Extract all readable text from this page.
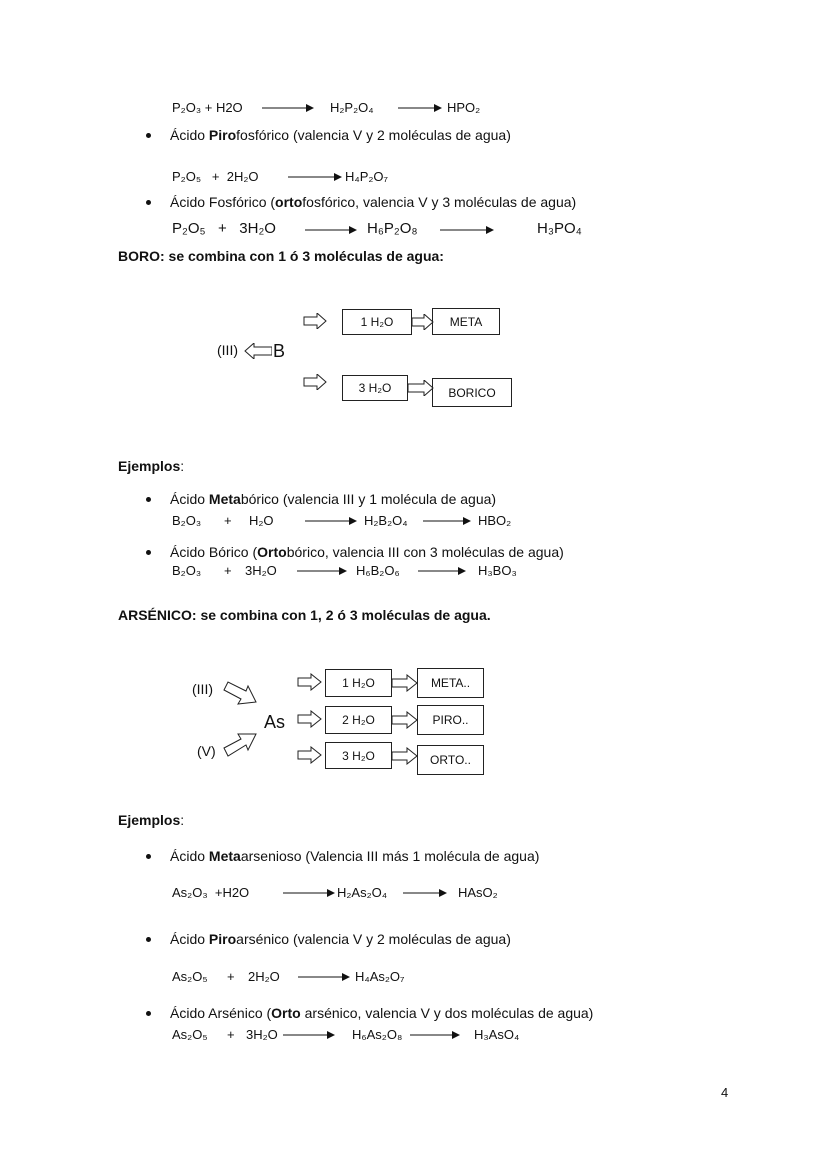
P₂O₃ + H2O → H₂P₂O₄ → HPO₂
Ácido Pirofosfórico (valencia V y 2 moléculas de agua)
P₂O₅   +  2H₂O → H₄P₂O₇
Ácido Fosfórico (ortofosfórico, valencia V y 3 moléculas de agua)
P₂O₅   +   3H₂O → H₆P₂O₈	H₃PO₄
BORO: se combina con 1 ó 3 moléculas de agua:
(III) B
1 H₂O	META
3 H₂O	BORICO
Ejemplos:
Ácido Metabórico (valencia III y 1 molécula de agua)
B₂O₃ + H₂O → H₂B₂O₄ → HBO₂
Ácido Bórico (Ortobórico, valencia III con 3 moléculas de agua)
B₂O₃ + 3H₂O → H₆B₂O₆ → H₃BO₃
ARSÉNICO: se combina con 1, 2 ó 3 moléculas de agua.
(III)
(V)
As
1 H₂O
2 H₂O
3 H₂O
META..
PIRO..
ORTO..
Ejemplos:
Ácido Metaarsenioso (Valencia III más 1 molécula de agua)
As₂O₃  +H2O → H₂As₂O₄ → HAsO₂
Ácido Piroarsénico (valencia V y 2 moléculas de agua)
As₂O₅ + 2H₂O → H₄As₂O₇
Ácido Arsénico (Orto arsénico, valencia V y dos moléculas de agua)
As₂O₅ + 3H₂O → H₆As₂O₈ → H₃AsO₄
4
